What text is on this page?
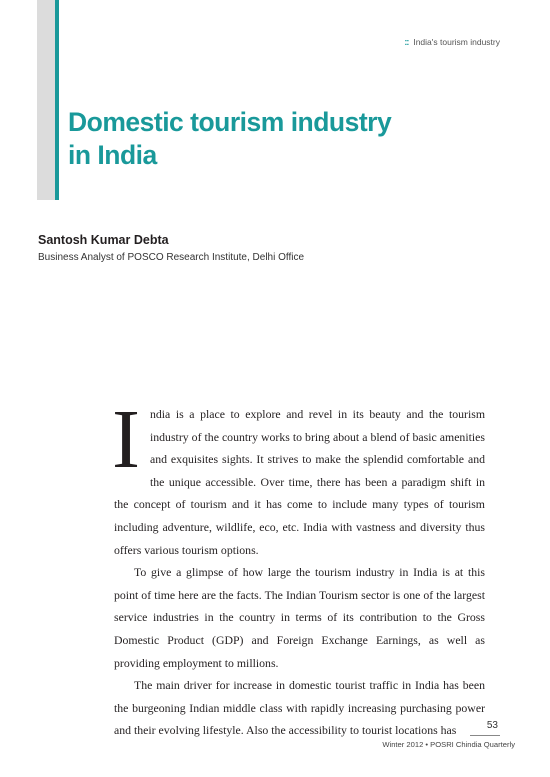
:: India's tourism industry
Domestic tourism industry
in India
Santosh Kumar Debta
Business Analyst of POSCO Research Institute, Delhi Office

India is a place to explore and revel in its beauty and the tourism industry of the country works to bring about a blend of basic amenities and exquisites sights. It strives to make the splendid comfortable and the unique accessible. Over time, there has been a paradigm shift in the concept of tourism and it has come to include many types of tourism including adventure, wildlife, eco, etc. India with vastness and diversity thus offers various tourism options.

To give a glimpse of how large the tourism industry in India is at this point of time here are the facts. The Indian Tourism sector is one of the largest service industries in the country in terms of its contribution to the Gross Domestic Product (GDP) and Foreign Exchange Earnings, as well as providing employment to millions.

The main driver for increase in domestic tourist traffic in India has been the burgeoning Indian middle class with rapidly increasing purchasing power and their evolving lifestyle. Also the accessibility to tourist locations has	53
Winter 2012 • POSRI Chindia Quarterly
